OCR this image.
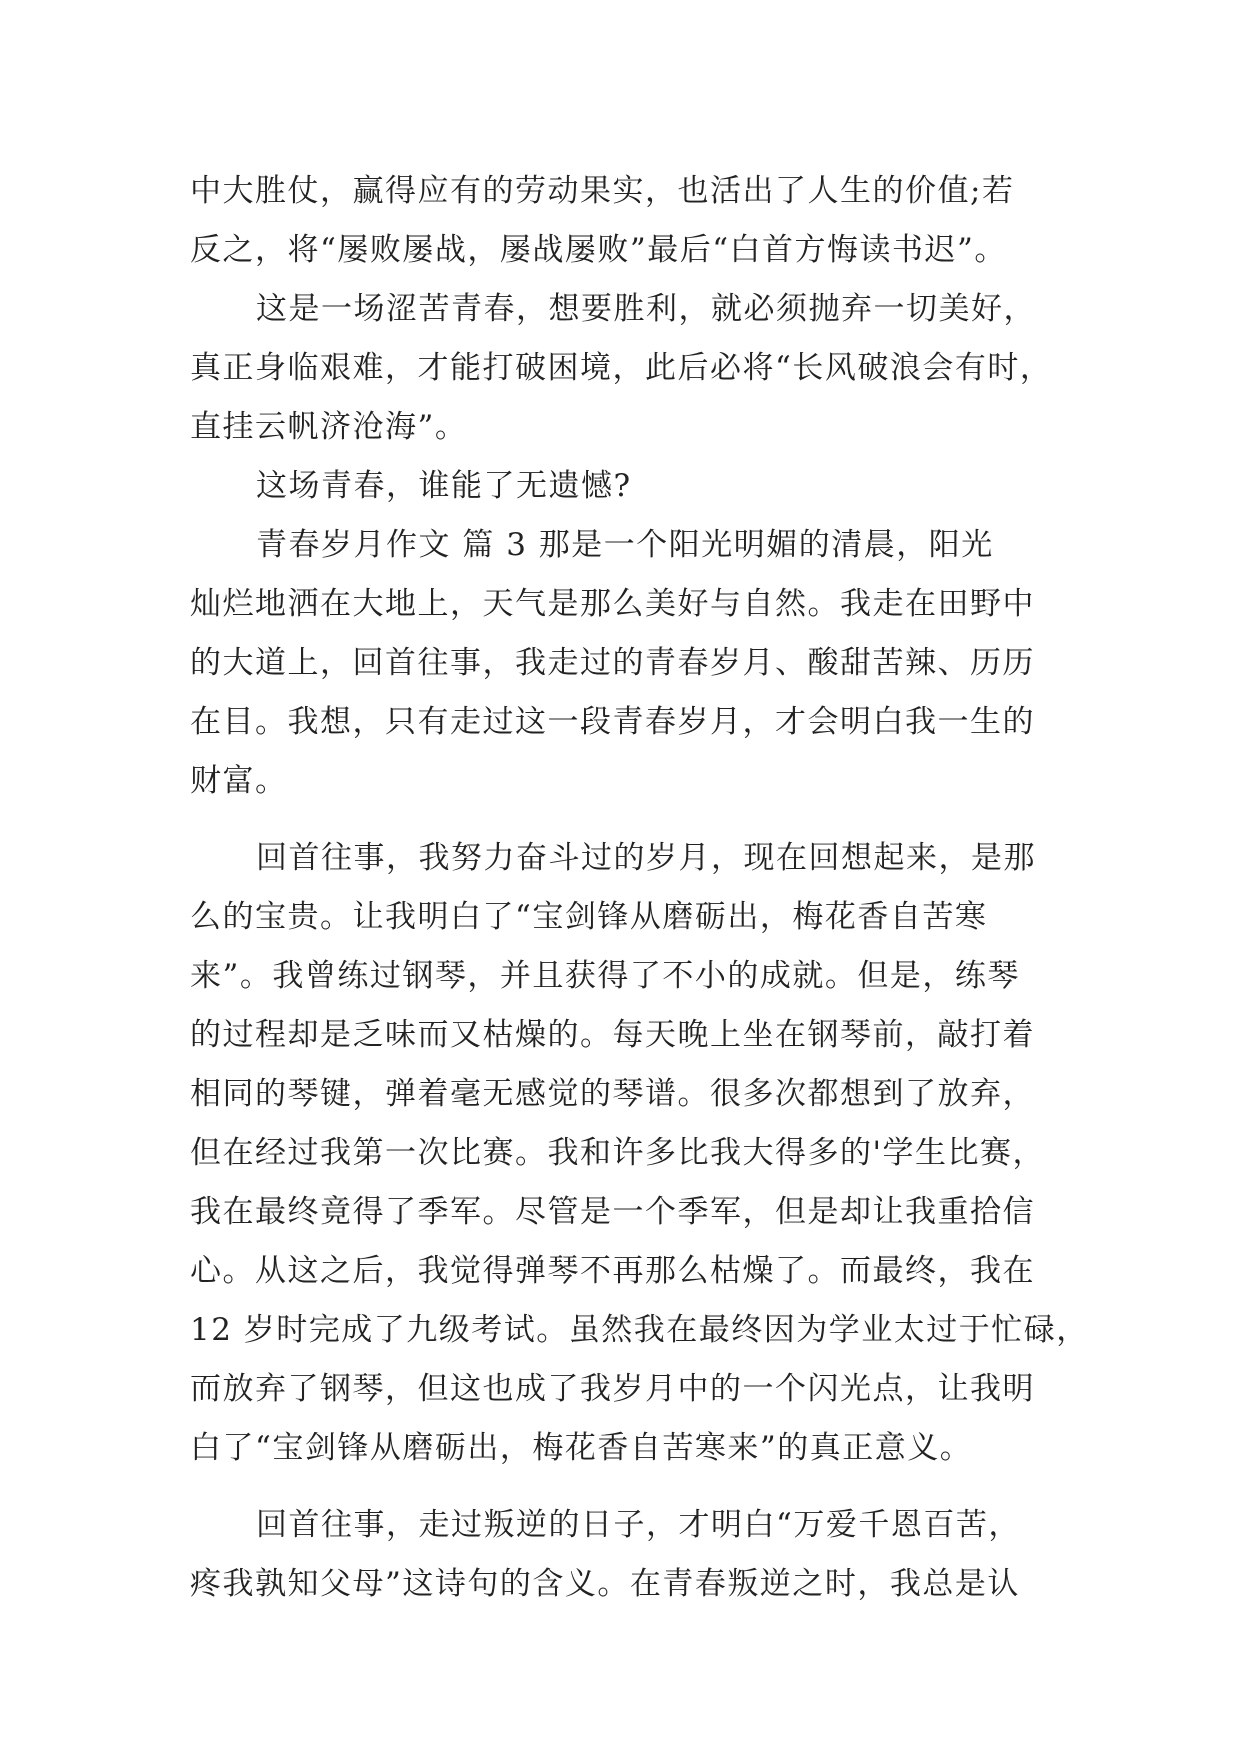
中大胜仗，赢得应有的劳动果实，也活出了人生的价值;若
反之，将“屡败屡战，屡战屡败”最后“白首方悔读书迟”。
这是一场涩苦青春，想要胜利，就必须抛弃一切美好，
真正身临艰难，才能打破困境，此后必将“长风破浪会有时，
直挂云帆济沧海”。
这场青春，谁能了无遗憾?
青春岁月作文 篇 3 那是一个阳光明媚的清晨，阳光
灿烂地洒在大地上，天气是那么美好与自然。我走在田野中
的大道上，回首往事，我走过的青春岁月、酸甜苦辣、历历
在目。我想，只有走过这一段青春岁月，才会明白我一生的
财富。
回首往事，我努力奋斗过的岁月，现在回想起来，是那
么的宝贵。让我明白了“宝剑锋从磨砺出，梅花香自苦寒
来”。我曾练过钢琴，并且获得了不小的成就。但是，练琴
的过程却是乏味而又枯燥的。每天晚上坐在钢琴前，敲打着
相同的琴键，弹着毫无感觉的琴谱。很多次都想到了放弃，
但在经过我第一次比赛。我和许多比我大得多的'学生比赛，
我在最终竟得了季军。尽管是一个季军，但是却让我重拾信
心。从这之后，我觉得弹琴不再那么枯燥了。而最终，我在
12 岁时完成了九级考试。虽然我在最终因为学业太过于忙碌，
而放弃了钢琴，但这也成了我岁月中的一个闪光点，让我明
白了“宝剑锋从磨砺出，梅花香自苦寒来”的真正意义。
回首往事，走过叛逆的日子，才明白“万爱千恩百苦，
疼我孰知父母”这诗句的含义。在青春叛逆之时，我总是认
